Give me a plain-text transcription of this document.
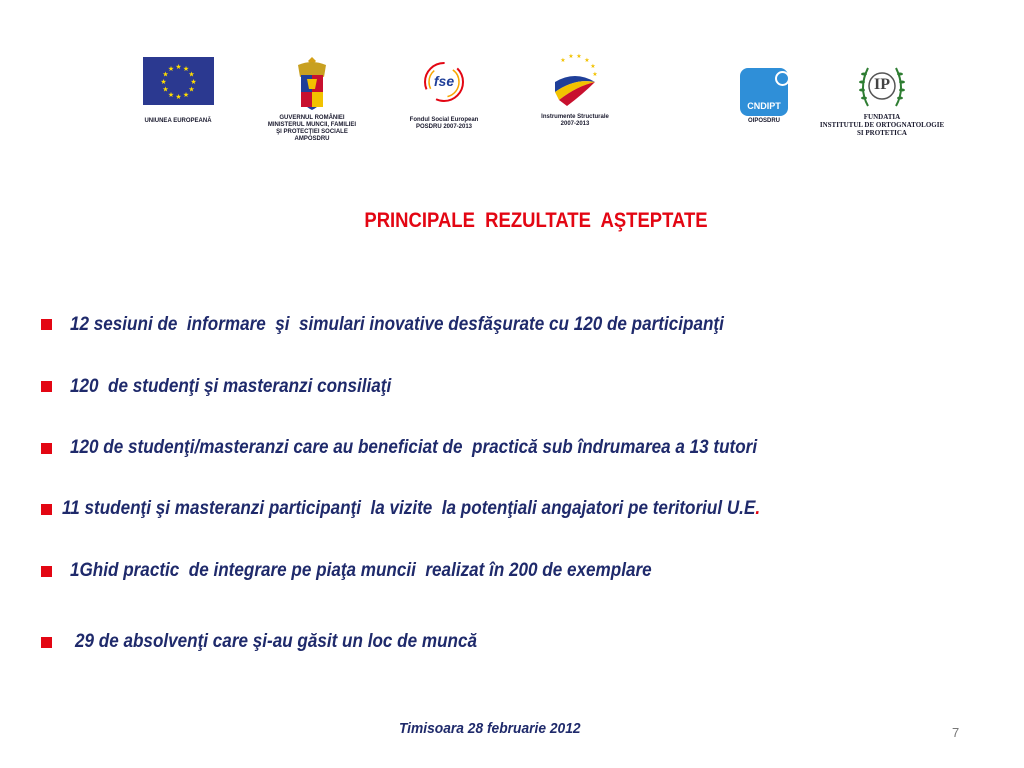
★ ★
★
★
★
★
★
★
★
★
★
★
UNIUNEA EUROPEANĂ	GUVERNUL ROMÂNIEI
MINISTERUL MUNCII, FAMILIEI
ŞI PROTECŢIEI SOCIALE
AMPOSDRU
fse
Fondul Social European
POSDRU 2007-2013
★
★ ★
★
★
★
Instrumente Structurale
2007-2013
CNDIPT
OIPOSDRU
IP
FUNDATIA
INSTITUTUL DE ORTOGNATOLOGIE
SI PROTETICA
PRINCIPALE  REZULTATE  AŞTEPTATE

12 sesiuni de  informare  şi  simulari inovative desfăşurate cu 120 de participanţi

120  de studenţi şi masteranzi consiliaţi

120 de studenţi/masteranzi care au beneficiat de  practică sub îndrumarea a 13 tutori

11 studenţi şi masteranzi participanţi  la vizite  la potenţiali angajatori pe teritoriul U.E.

1Ghid practic  de integrare pe piaţa muncii  realizat în 200 de exemplare

29 de absolvenţi care şi-au găsit un loc de muncă

Timisoara 28 februarie 2012	7
